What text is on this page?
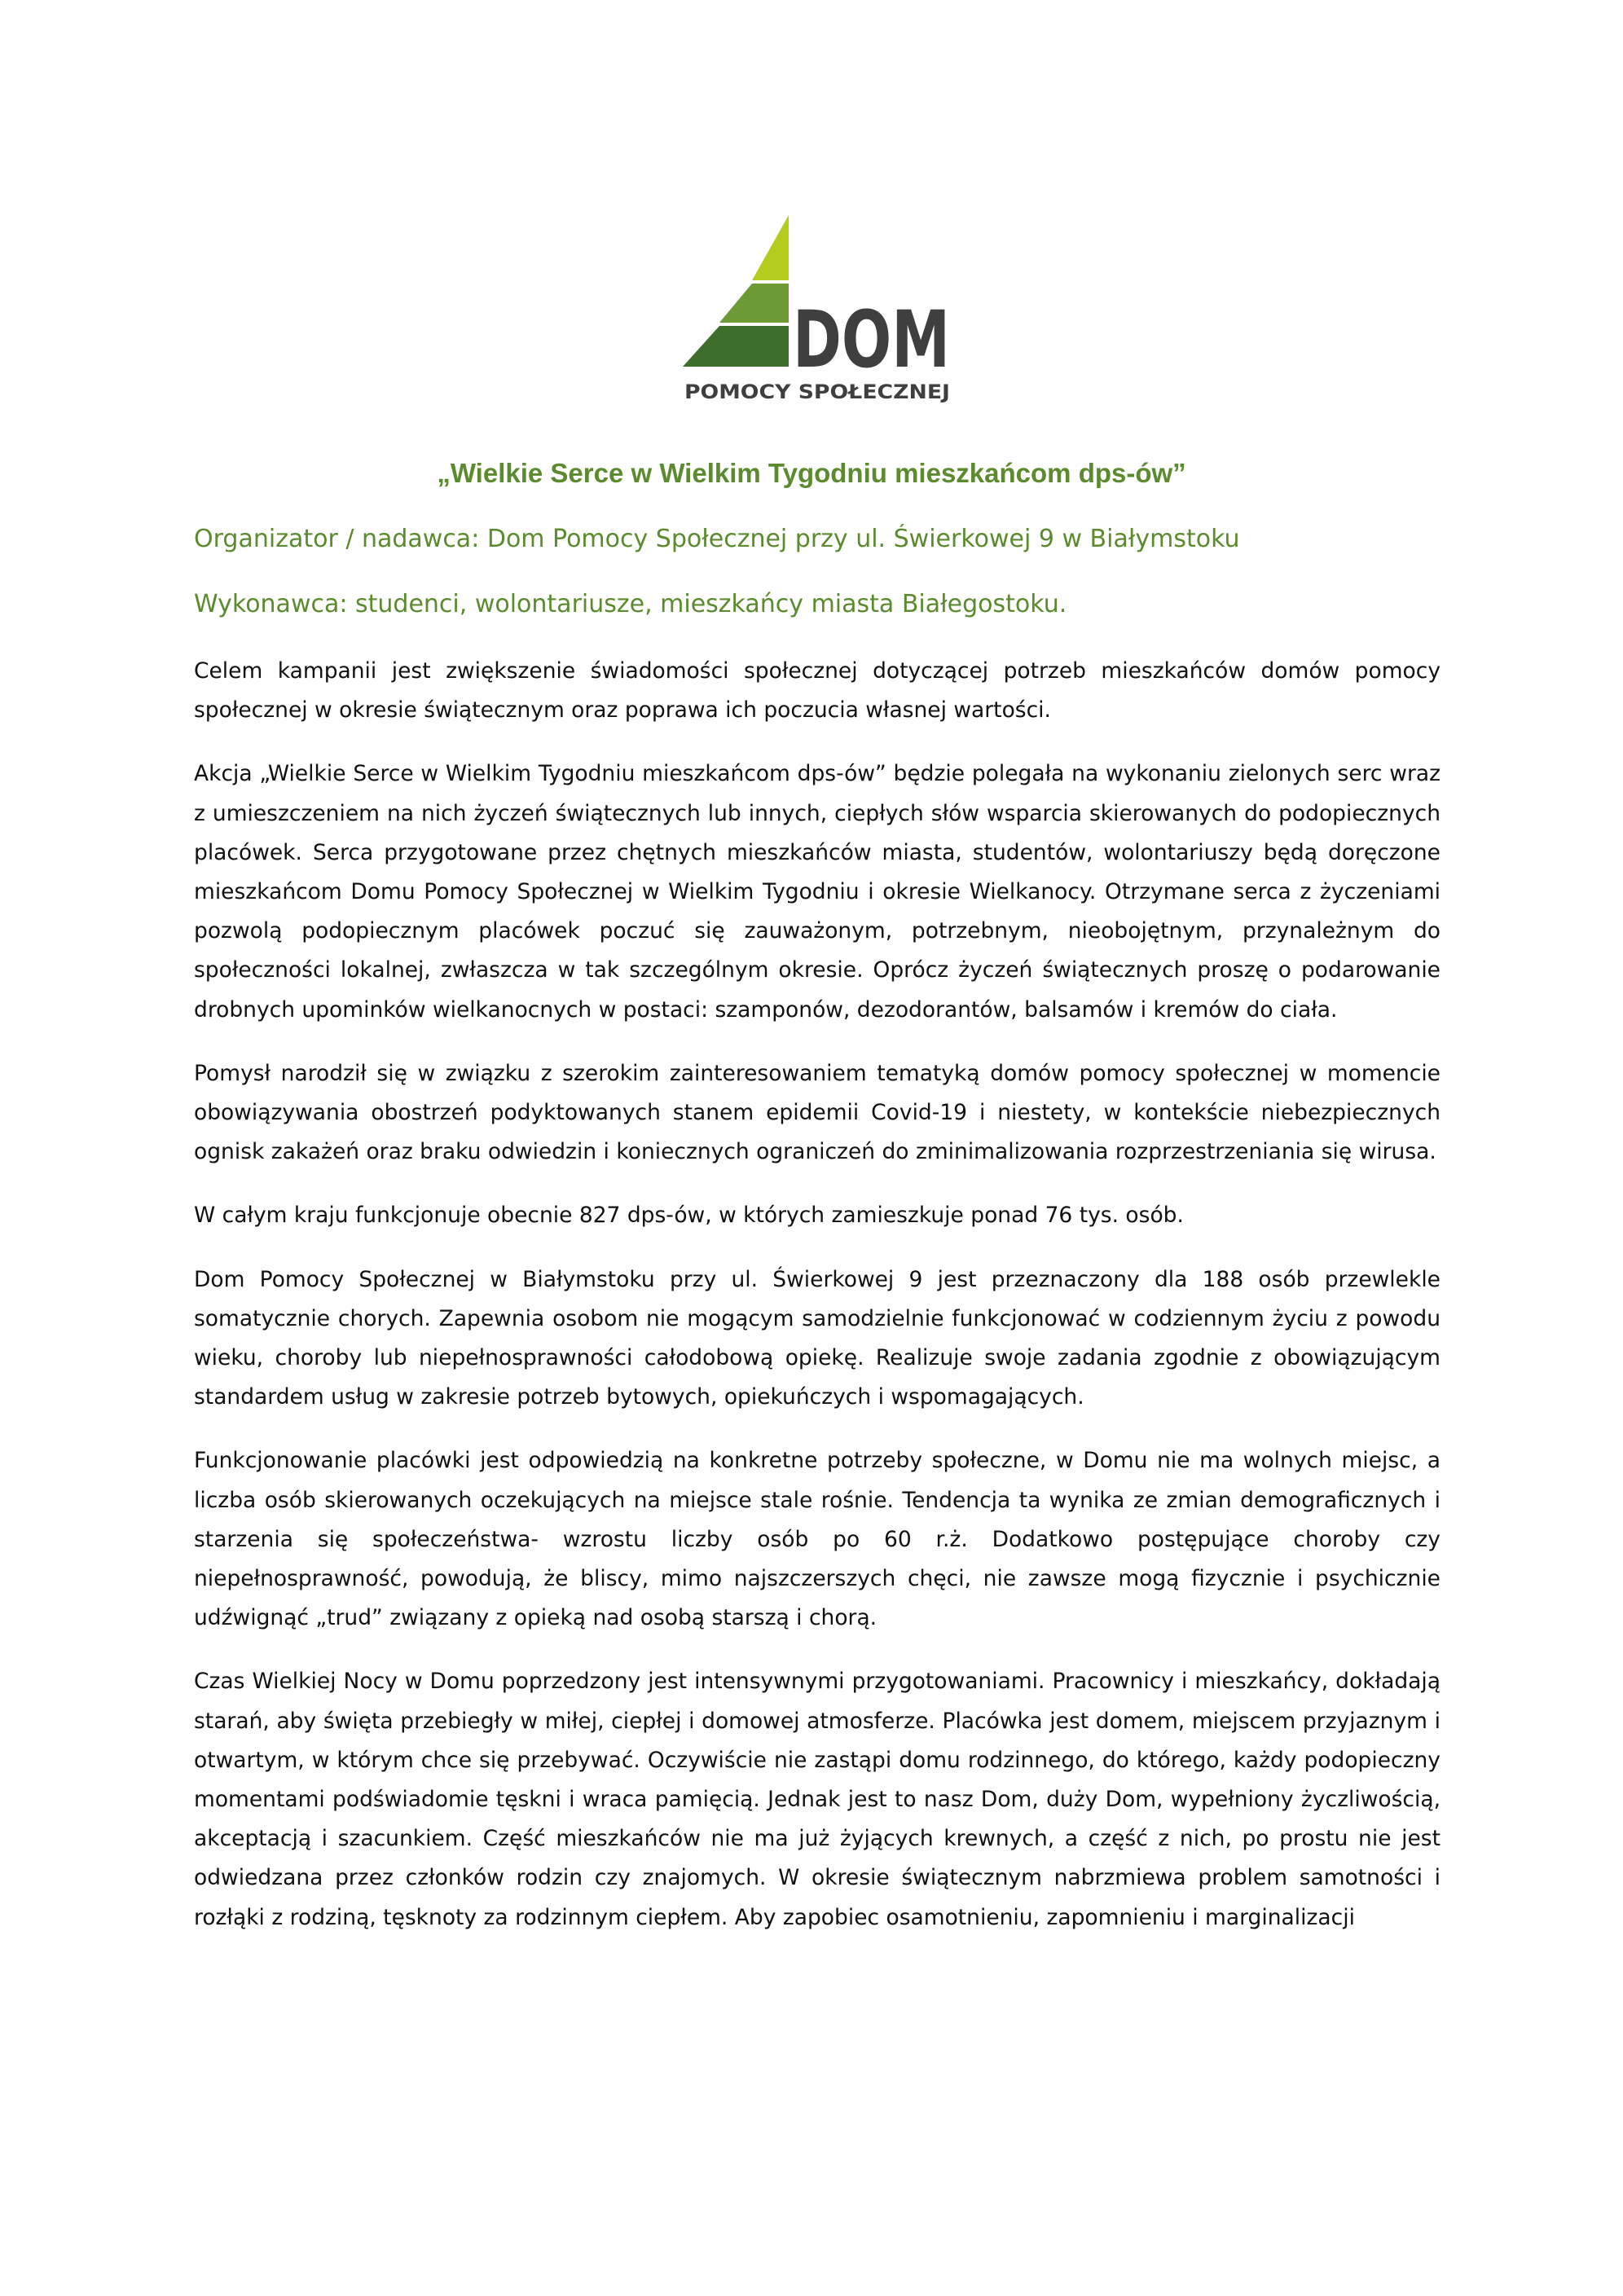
DOM
POMOCY SPOŁECZNEJ
„Wielkie Serce w Wielkim Tygodniu mieszkańcom dps-ów”
Organizator / nadawca: Dom Pomocy Społecznej przy ul. Świerkowej 9 w Białymstoku
Wykonawca: studenci, wolontariusze, mieszkańcy miasta Białegostoku.

Celem kampanii jest zwiększenie świadomości społecznej dotyczącej potrzeb mieszkańców domów pomocy społecznej w okresie świątecznym oraz poprawa ich poczucia własnej wartości.

Akcja „Wielkie Serce w Wielkim Tygodniu mieszkańcom dps-ów” będzie polegała na wykonaniu zielonych serc wraz z umieszczeniem na nich życzeń świątecznych lub innych, ciepłych słów wsparcia skierowanych do podopiecznych placówek. Serca przygotowane przez chętnych mieszkańców miasta, studentów, wolontariuszy będą doręczone mieszkańcom Domu Pomocy Społecznej w Wielkim Tygodniu i okresie Wielkanocy. Otrzymane serca z życzeniami pozwolą podopiecznym placówek poczuć się zauważonym, potrzebnym, nieobojętnym, przynależnym do społeczności lokalnej, zwłaszcza w tak szczególnym okresie. Oprócz życzeń świątecznych proszę o podarowanie drobnych upominków wielkanocnych w postaci: szamponów, dezodorantów, balsamów i kremów do ciała.

Pomysł narodził się w związku z szerokim zainteresowaniem tematyką domów pomocy społecznej w momencie obowiązywania obostrzeń podyktowanych stanem epidemii Covid-19 i niestety, w kontekście niebezpiecznych ognisk zakażeń oraz braku odwiedzin i koniecznych ograniczeń do zminimalizowania rozprzestrzeniania się wirusa.

W całym kraju funkcjonuje obecnie 827 dps-ów, w których zamieszkuje ponad 76 tys. osób.

Dom Pomocy Społecznej w Białymstoku przy ul. Świerkowej 9 jest przeznaczony dla 188 osób przewlekle somatycznie chorych. Zapewnia osobom nie mogącym samodzielnie funkcjonować w codziennym życiu z powodu wieku, choroby lub niepełnosprawności całodobową opiekę. Realizuje swoje zadania zgodnie z obowiązującym standardem usług w zakresie potrzeb bytowych, opiekuńczych i wspomagających.

Funkcjonowanie placówki jest odpowiedzią na konkretne potrzeby społeczne, w Domu nie ma wolnych miejsc, a liczba osób skierowanych oczekujących na miejsce stale rośnie. Tendencja ta wynika ze zmian demograficznych i starzenia się społeczeństwa- wzrostu liczby osób po 60 r.ż. Dodatkowo postępujące choroby czy niepełnosprawność, powodują, że bliscy, mimo najszczerszych chęci, nie zawsze mogą fizycznie i psychicznie udźwignąć „trud” związany z opieką nad osobą starszą i chorą.

Czas Wielkiej Nocy w Domu poprzedzony jest intensywnymi przygotowaniami. Pracownicy i mieszkańcy, dokładają starań, aby święta przebiegły w miłej, ciepłej i domowej atmosferze. Placówka jest domem, miejscem przyjaznym i otwartym, w którym chce się przebywać. Oczywiście nie zastąpi domu rodzinnego, do którego, każdy podopieczny momentami podświadomie tęskni i wraca pamięcią. Jednak jest to nasz Dom, duży Dom, wypełniony życzliwością, akceptacją i szacunkiem. Część mieszkańców nie ma już żyjących krewnych, a część z nich, po prostu nie jest odwiedzana przez członków rodzin czy znajomych. W okresie świątecznym nabrzmiewa problem samotności i rozłąki z rodziną, tęsknoty za rodzinnym ciepłem. Aby zapobiec osamotnieniu, zapomnieniu i marginalizacji
